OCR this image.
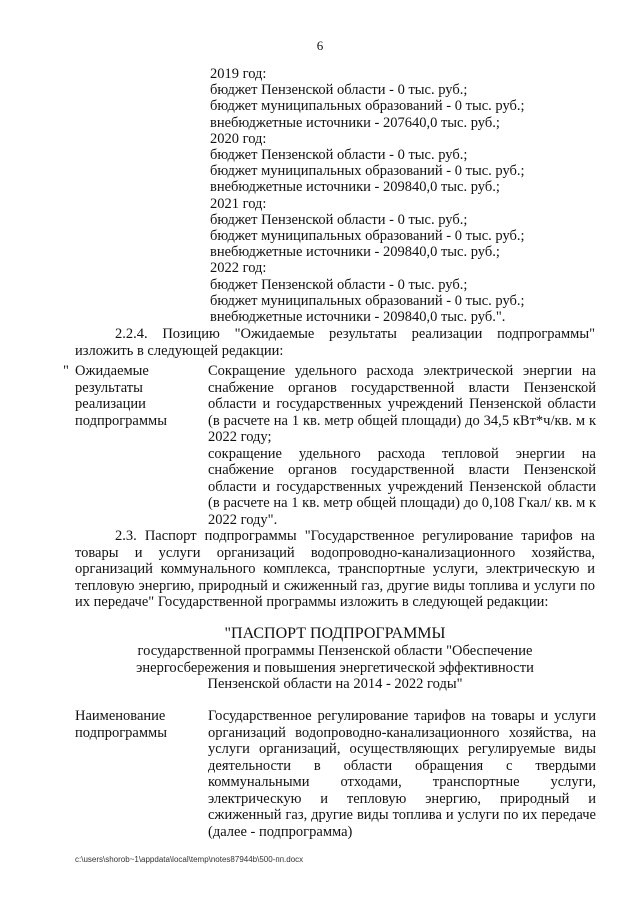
6
2019 год:
бюджет Пензенской области - 0 тыс. руб.;
бюджет муниципальных образований - 0 тыс. руб.;
внебюджетные источники - 207640,0 тыс. руб.;
2020 год:
бюджет Пензенской области - 0 тыс. руб.;
бюджет муниципальных образований - 0 тыс. руб.;
внебюджетные источники - 209840,0 тыс. руб.;
2021 год:
бюджет Пензенской области - 0 тыс. руб.;
бюджет муниципальных образований - 0 тыс. руб.;
внебюджетные источники - 209840,0 тыс. руб.;
2022 год:
бюджет Пензенской области - 0 тыс. руб.;
бюджет муниципальных образований - 0 тыс. руб.;
внебюджетные источники - 209840,0 тыс. руб.".
2.2.4. Позицию "Ожидаемые результаты реализации подпрограммы" изложить в следующей редакции:
" Ожидаемые результаты реализации подпрограммы

Сокращение удельного расхода электрической энергии на снабжение органов государственной власти Пензенской области и государственных учреждений Пензенской области (в расчете на 1 кв. метр общей площади) до 34,5 кВт*ч/кв. м к 2022 году;

сокращение удельного расхода тепловой энергии на снабжение органов государственной власти Пензенской области и государственных учреждений Пензенской области (в расчете на 1 кв. метр общей площади) до 0,108 Гкал/ кв. м к 2022 году".

2.3. Паспорт подпрограммы "Государственное регулирование тарифов на товары и услуги организаций водопроводно-канализационного хозяйства, организаций коммунального комплекса, транспортные услуги, электрическую и тепловую энергию, природный и сжиженный газ, другие виды топлива и услуги по их передаче" Государственной программы изложить в следующей редакции:
"ПАСПОРТ ПОДПРОГРАММЫ
государственной программы Пензенской области "Обеспечение
энергосбережения и повышения энергетической эффективности
Пензенской области на 2014 - 2022 годы"
Наименование подпрограммы
Государственное регулирование тарифов на товары и услуги организаций водопроводно-канализационного хозяйства, на услуги организаций, осуществляющих регулируемые виды деятельности в области обращения с твердыми коммунальными отходами, транспортные услуги, электрическую и тепловую энергию, природный и сжиженный газ, другие виды топлива и услуги по их передаче (далее - подпрограмма)
c:\users\shorob~1\appdata\local\temp\notes87944b\500-пп.docx
